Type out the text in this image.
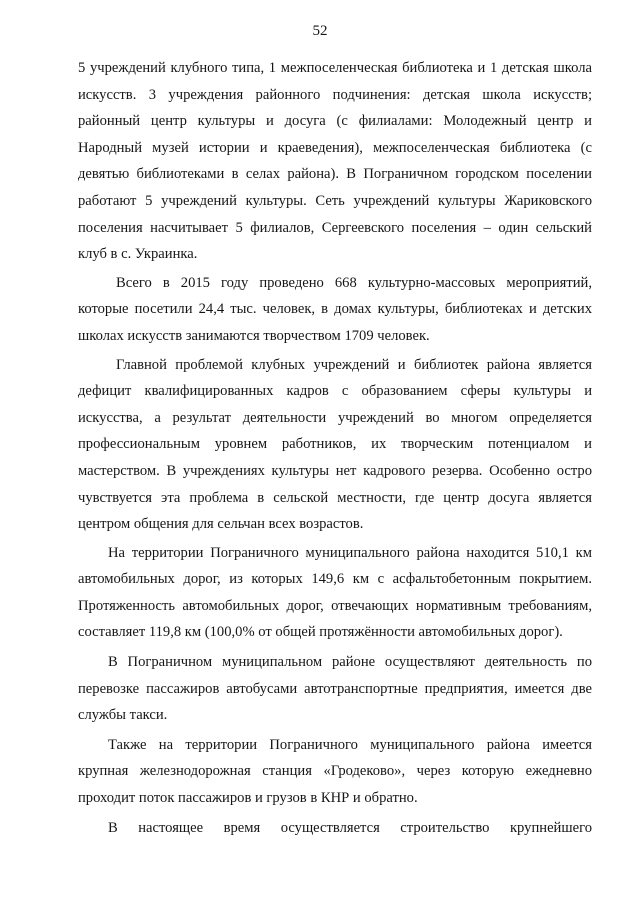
52

5 учреждений клубного типа, 1 межпоселенческая библиотека и 1 детская школа искусств. 3 учреждения районного подчинения: детская школа искусств; районный центр культуры и досуга (с филиалами: Молодежный центр и Народный музей истории и краеведения), межпоселенческая библиотека (с девятью библиотеками в селах района). В Пограничном городском поселении работают 5 учреждений культуры. Сеть учреждений культуры Жариковского поселения насчитывает 5 филиалов, Сергеевского поселения – один сельский клуб в с. Украинка.

Всего в 2015 году проведено 668 культурно-массовых мероприятий, которые посетили 24,4 тыс. человек, в домах культуры, библиотеках и детских школах искусств занимаются творчеством 1709 человек.

Главной проблемой клубных учреждений и библиотек района является дефицит квалифицированных кадров с образованием сферы культуры и искусства, а результат деятельности учреждений во многом определяется профессиональным уровнем работников, их творческим потенциалом и мастерством. В учреждениях культуры нет кадрового резерва. Особенно остро чувствуется эта проблема в сельской местности, где центр досуга является центром общения для сельчан всех возрастов.

На территории Пограничного муниципального района находится 510,1 км автомобильных дорог, из которых 149,6 км с асфальтобетонным покрытием. Протяженность автомобильных дорог, отвечающих нормативным требованиям, составляет 119,8 км (100,0% от общей протяжённости автомобильных дорог).

В Пограничном муниципальном районе осуществляют деятельность по перевозке пассажиров автобусами автотранспортные предприятия, имеется две службы такси.

Также на территории Пограничного муниципального района имеется крупная железнодорожная станция «Гродеково», через которую ежедневно проходит поток пассажиров и грузов в КНР и обратно.

В настоящее время осуществляется строительство крупнейшего
